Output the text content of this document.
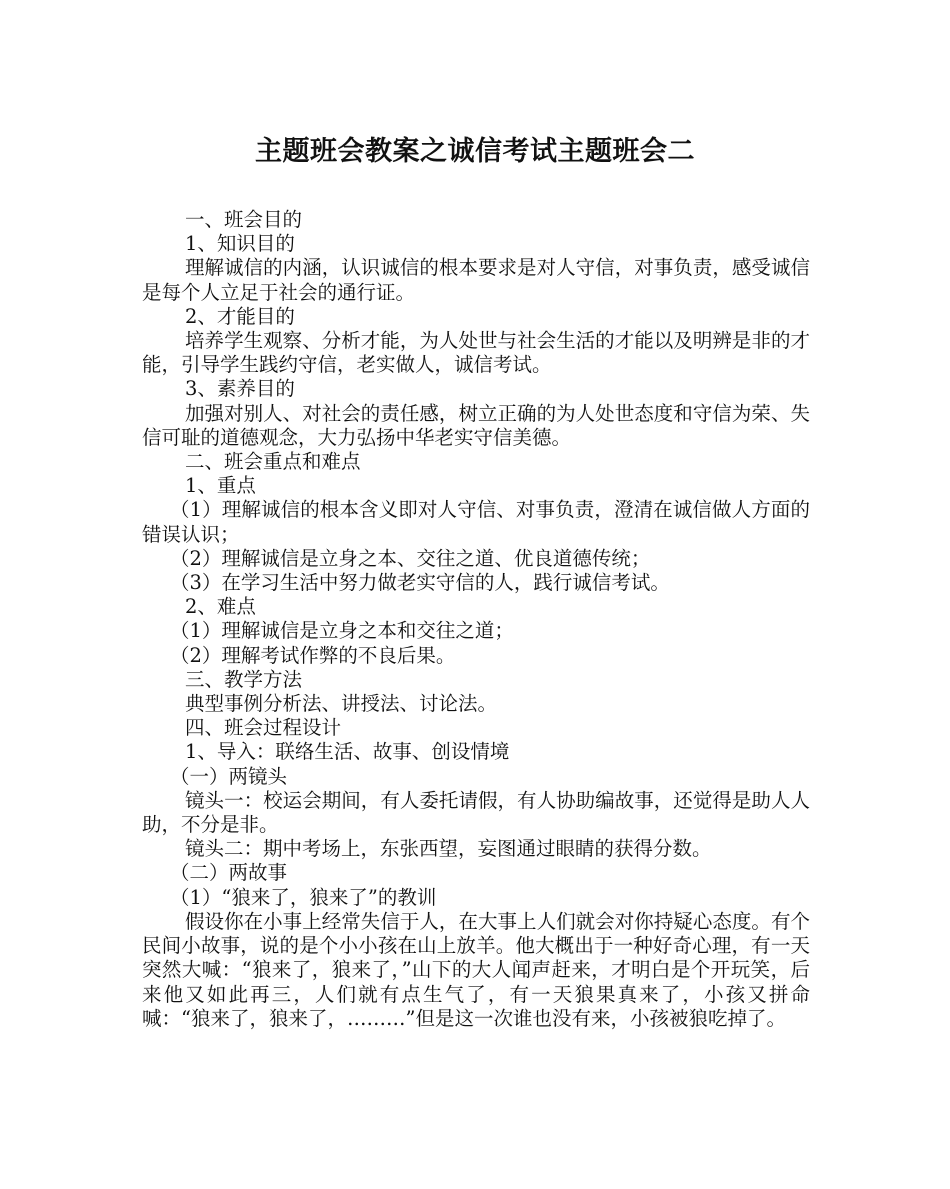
主题班会教案之诚信考试主题班会二
一、班会目的
1、知识目的
理解诚信的内涵，认识诚信的根本要求是对人守信，对事负责，感受诚信是每个人立足于社会的通行证。
2、才能目的
培养学生观察、分析才能，为人处世与社会生活的才能以及明辨是非的才能，引导学生践约守信，老实做人，诚信考试。
3、素养目的
加强对别人、对社会的责任感，树立正确的为人处世态度和守信为荣、失信可耻的道德观念，大力弘扬中华老实守信美德。
二、班会重点和难点
1、重点
（1）理解诚信的根本含义即对人守信、对事负责，澄清在诚信做人方面的错误认识；
（2）理解诚信是立身之本、交往之道、优良道德传统；
（3）在学习生活中努力做老实守信的人，践行诚信考试。
2、难点
（1）理解诚信是立身之本和交往之道；
（2）理解考试作弊的不良后果。
三、教学方法
典型事例分析法、讲授法、讨论法。
四、班会过程设计
1、导入：联络生活、故事、创设情境
（一）两镜头
镜头一：校运会期间，有人委托请假，有人协助编故事，还觉得是助人人助，不分是非。
镜头二：期中考场上，东张西望，妄图通过眼睛的获得分数。
（二）两故事
（1）“狼来了，狼来了”的教训
假设你在小事上经常失信于人，在大事上人们就会对你持疑心态度。有个民间小故事，说的是个小小孩在山上放羊。他大概出于一种好奇心理，有一天突然大喊：“狼来了，狼来了，”山下的大人闻声赶来，才明白是个开玩笑，后来他又如此再三，人们就有点生气了，有一天狼果真来了，小孩又拼命喊：“狼来了，狼来了，………”但是这一次谁也没有来，小孩被狼吃掉了。
